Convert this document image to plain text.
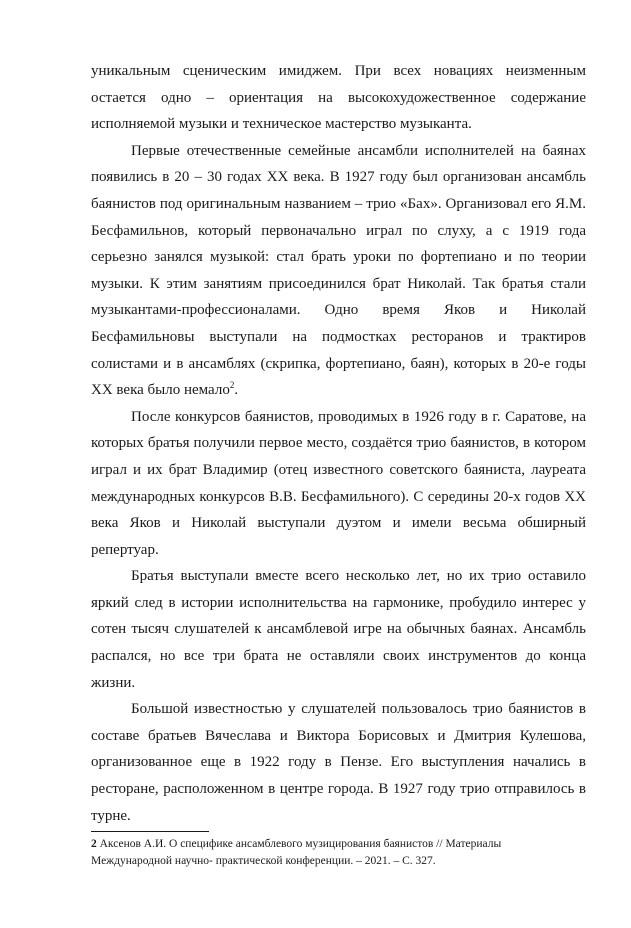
уникальным сценическим имиджем. При всех новациях неизменным остается одно – ориентация на высокохудожественное содержание исполняемой музыки и техническое мастерство музыканта.

Первые отечественные семейные ансамбли исполнителей на баянах появились в 20 – 30 годах XX века. В 1927 году был организован ансамбль баянистов под оригинальным названием – трио «Бах». Организовал его Я.М. Бесфамильнов, который первоначально играл по слуху, а с 1919 года серьезно занялся музыкой: стал брать уроки по фортепиано и по теории музыки. К этим занятиям присоединился брат Николай. Так братья стали музыкантами-профессионалами. Одно время Яков и Николай Бесфамильновы выступали на подмостках ресторанов и трактиров солистами и в ансамблях (скрипка, фортепиано, баян), которых в 20-е годы XX века было немало$^2$.

После конкурсов баянистов, проводимых в 1926 году в г. Саратове, на которых братья получили первое место, создаётся трио баянистов, в котором играл и их брат Владимир (отец известного советского баяниста, лауреата международных конкурсов В.В. Бесфамильного). С середины 20-х годов XX века Яков и Николай выступали дуэтом и имели весьма обширный репертуар.

Братья выступали вместе всего несколько лет, но их трио оставило яркий след в истории исполнительства на гармонике, пробудило интерес у сотен тысяч слушателей к ансамблевой игре на обычных баянах. Ансамбль распался, но все три брата не оставляли своих инструментов до конца жизни.

Большой известностью у слушателей пользовалось трио баянистов в составе братьев Вячеслава и Виктора Борисовых и Дмитрия Кулешова, организованное еще в 1922 году в Пензе. Его выступления начались в ресторане, расположенном в центре города. В 1927 году трио отправилось в турне.

2 Аксенов А.И. О специфике ансамблевого музицирования баянистов // Материалы Международной научно- практической конференции. – 2021. – С. 327.
